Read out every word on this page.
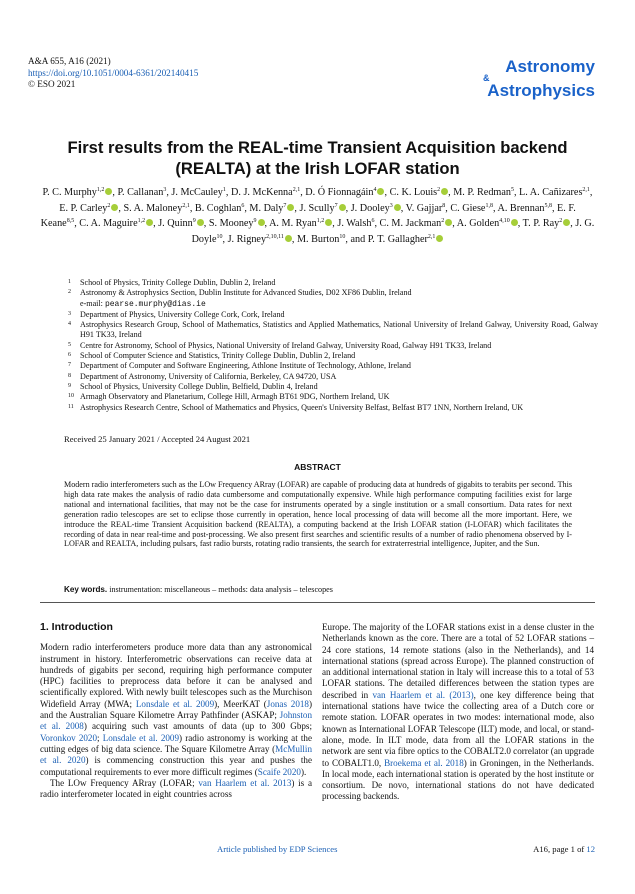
A&A 655, A16 (2021)
https://doi.org/10.1051/0004-6361/202140415
© ESO 2021
Astronomy
&
Astrophysics
First results from the REAL-time Transient Acquisition backend (REALTA) at the Irish LOFAR station
P. C. Murphy$^{1,2}$ , P. Callanan$^3$, J. McCauley$^1$, D. J. McKenna$^{2,1}$, D. Ó Fionnagáin$^4$ , C. K. Louis$^2$ , M. P. Redman$^5$, L. A. Cañizares$^{2,1}$, E. P. Carley$^2$ , S. A. Maloney$^{2,1}$, B. Coghlan$^6$, M. Daly$^7$ , J. Scully$^7$ , J. Dooley$^3$ , V. Gajjar$^8$, C. Giese$^{1,8}$, A. Brennan$^{5,8}$, E. F. Keane$^{8,5}$, C. A. Maguire$^{1,2}$ , J. Quinn$^9$ , S. Mooney$^9$ , A. M. Ryan$^{1,2}$ , J. Walsh$^6$, C. M. Jackman$^2$ , A. Golden$^{4,10}$ , T. P. Ray$^2$ , J. G. Doyle$^{10}$, J. Rigney$^{2,10,11}$ , M. Burton$^{10}$, and P. T. Gallagher$^{2,1}$
1	School of Physics, Trinity College Dublin, Dublin 2, Ireland
2	Astronomy & Astrophysics Section, Dublin Institute for Advanced Studies, D02 XF86 Dublin, Ireland
e-mail: pearse.murphy@dias.ie
3	Department of Physics, University College Cork, Cork, Ireland
4	Astrophysics Research Group, School of Mathematics, Statistics and Applied Mathematics, National University of Ireland Galway, University Road, Galway H91 TK33, Ireland
5	Centre for Astronomy, School of Physics, National University of Ireland Galway, University Road, Galway H91 TK33, Ireland
6	School of Computer Science and Statistics, Trinity College Dublin, Dublin 2, Ireland
7	Department of Computer and Software Engineering, Athlone Institute of Technology, Athlone, Ireland
8	Department of Astronomy, University of California, Berkeley, CA 94720, USA
9	School of Physics, University College Dublin, Belfield, Dublin 4, Ireland
10 Armagh Observatory and Planetarium, College Hill, Armagh BT61 9DG, Northern Ireland, UK
11 Astrophysics Research Centre, School of Mathematics and Physics, Queen's University Belfast, Belfast BT7 1NN, Northern Ireland, UK
Received 25 January 2021 / Accepted 24 August 2021
ABSTRACT
Modern radio interferometers such as the LOw Frequency ARray (LOFAR) are capable of producing data at hundreds of gigabits to terabits per second. This high data rate makes the analysis of radio data cumbersome and computationally expensive. While high performance computing facilities exist for large national and international facilities, that may not be the case for instruments operated by a single institution or a small consortium. Data rates for next generation radio telescopes are set to eclipse those currently in operation, hence local processing of data will become all the more important. Here, we introduce the REAL-time Transient Acquisition backend (REALTA), a computing backend at the Irish LOFAR station (I-LOFAR) which facilitates the recording of data in near real-time and post-processing. We also present first searches and scientific results of a number of radio phenomena observed by I-LOFAR and REALTA, including pulsars, fast radio bursts, rotating radio transients, the search for extraterrestrial intelligence, Jupiter, and the Sun.
Key words. instrumentation: miscellaneous – methods: data analysis – telescopes
1. Introduction

Modern radio interferometers produce more data than any astronomical instrument in history. Interferometric observations can receive data at hundreds of gigabits per second, requiring high performance computer (HPC) facilities to preprocess data before it can be analysed and scientifically explored. With newly built telescopes such as the Murchison Widefield Array (MWA; Lonsdale et al. 2009), MeerKAT (Jonas 2018) and the Australian Square Kilometre Array Pathfinder (ASKAP; Johnston et al. 2008) acquiring such vast amounts of data (up to 300 Gbps; Voronkov 2020; Lonsdale et al. 2009) radio astronomy is working at the cutting edges of big data science. The Square Kilometre Array (McMullin et al. 2020) is commencing construction this year and pushes the computational requirements to ever more difficult regimes (Scaife 2020).

The LOw Frequency ARray (LOFAR; van Haarlem et al. 2013) is a radio interferometer located in eight countries across

Europe. The majority of the LOFAR stations exist in a dense cluster in the Netherlands known as the core. There are a total of 52 LOFAR stations – 24 core stations, 14 remote stations (also in the Netherlands), and 14 international stations (spread across Europe). The planned construction of an additional international station in Italy will increase this to a total of 53 LOFAR stations. The detailed differences between the station types are described in van Haarlem et al. (2013), one key difference being that international stations have twice the collecting area of a Dutch core or remote station. LOFAR operates in two modes: international mode, also known as International LOFAR Telescope (ILT) mode, and local, or stand-alone, mode. In ILT mode, data from all the LOFAR stations in the network are sent via fibre optics to the COBALT2.0 correlator (an upgrade to COBALT1.0, Broekema et al. 2018) in Groningen, in the Netherlands. In local mode, each international station is operated by the host institute or consortium. De novo, international stations do not have dedicated processing backends.

Article published by EDP Sciences	A16, page 1 of 12
